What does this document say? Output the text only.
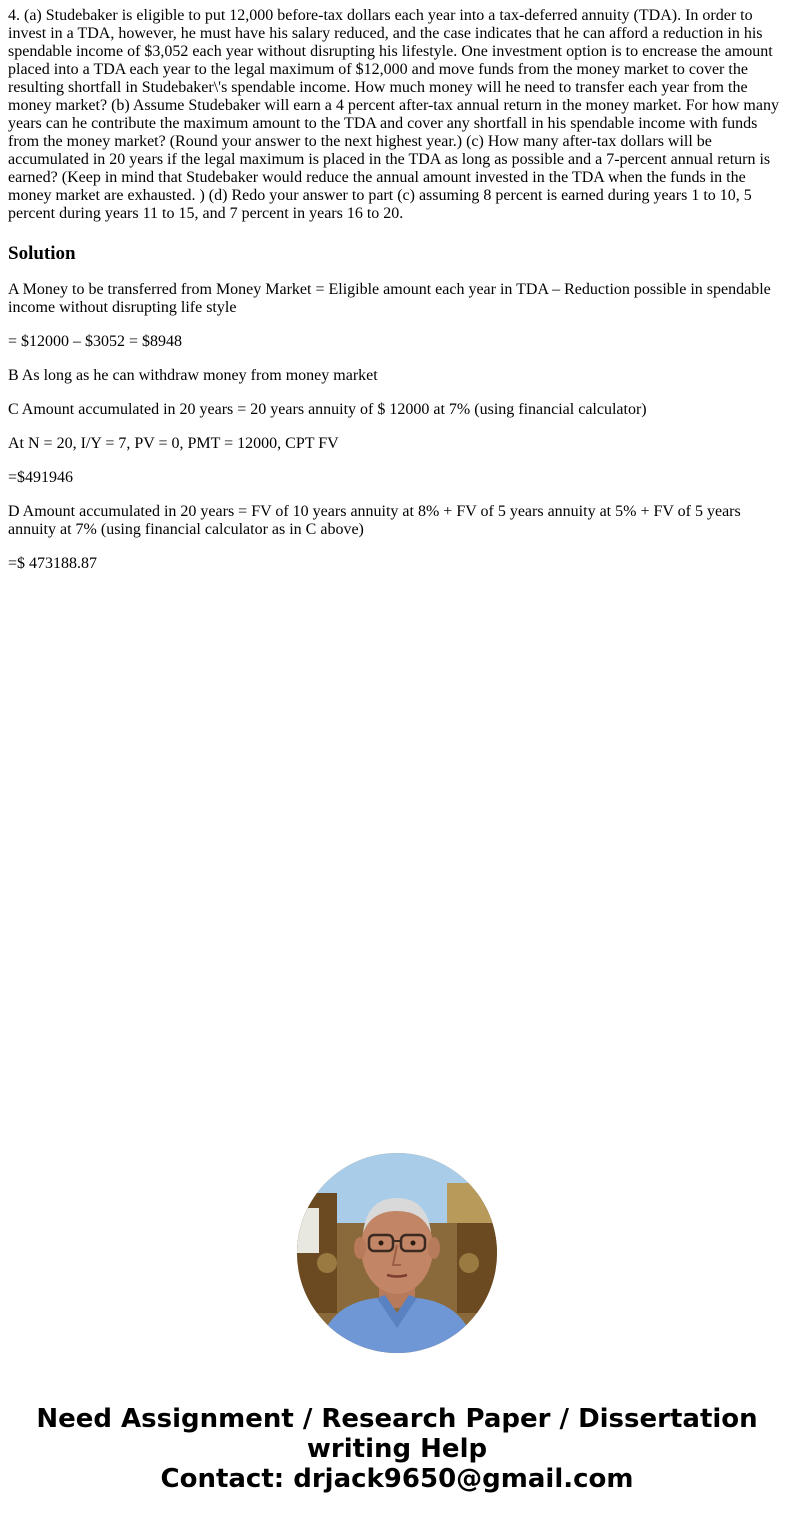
4. (a) Studebaker is eligible to put 12,000 before-tax dollars each year into a tax-deferred annuity (TDA). In order to invest in a TDA, however, he must have his salary reduced, and the case indicates that he can afford a reduction in his spendable income of $3,052 each year without disrupting his lifestyle. One investment option is to encrease the amount placed into a TDA each year to the legal maximum of $12,000 and move funds from the money market to cover the resulting shortfall in Studebaker\'s spendable income. How much money will he need to transfer each year from the money market? (b) Assume Studebaker will earn a 4 percent after-tax annual return in the money market. For how many years can he contribute the maximum amount to the TDA and cover any shortfall in his spendable income with funds from the money market? (Round your answer to the next highest year.) (c) How many after-tax dollars will be accumulated in 20 years if the legal maximum is placed in the TDA as long as possible and a 7-percent annual return is earned? (Keep in mind that Studebaker would reduce the annual amount invested in the TDA when the funds in the money market are exhausted. ) (d) Redo your answer to part (c) assuming 8 percent is earned during years 1 to 10, 5 percent during years 11 to 15, and 7 percent in years 16 to 20.

Solution

A Money to be transferred from Money Market = Eligible amount each year in TDA – Reduction possible in spendable income without disrupting life style

= $12000 – $3052 = $8948

B As long as he can withdraw money from money market

C Amount accumulated in 20 years = 20 years annuity of $ 12000 at 7% (using financial calculator)

At N = 20, I/Y = 7, PV = 0, PMT = 12000, CPT FV

=$491946

D Amount accumulated in 20 years = FV of 10 years annuity at 8% + FV of 5 years annuity at 5% + FV of 5 years annuity at 7% (using financial calculator as in C above)

=$ 473188.87

Need Assignment / Research Paper / Dissertation
writing Help
Contact: drjack9650@gmail.com
